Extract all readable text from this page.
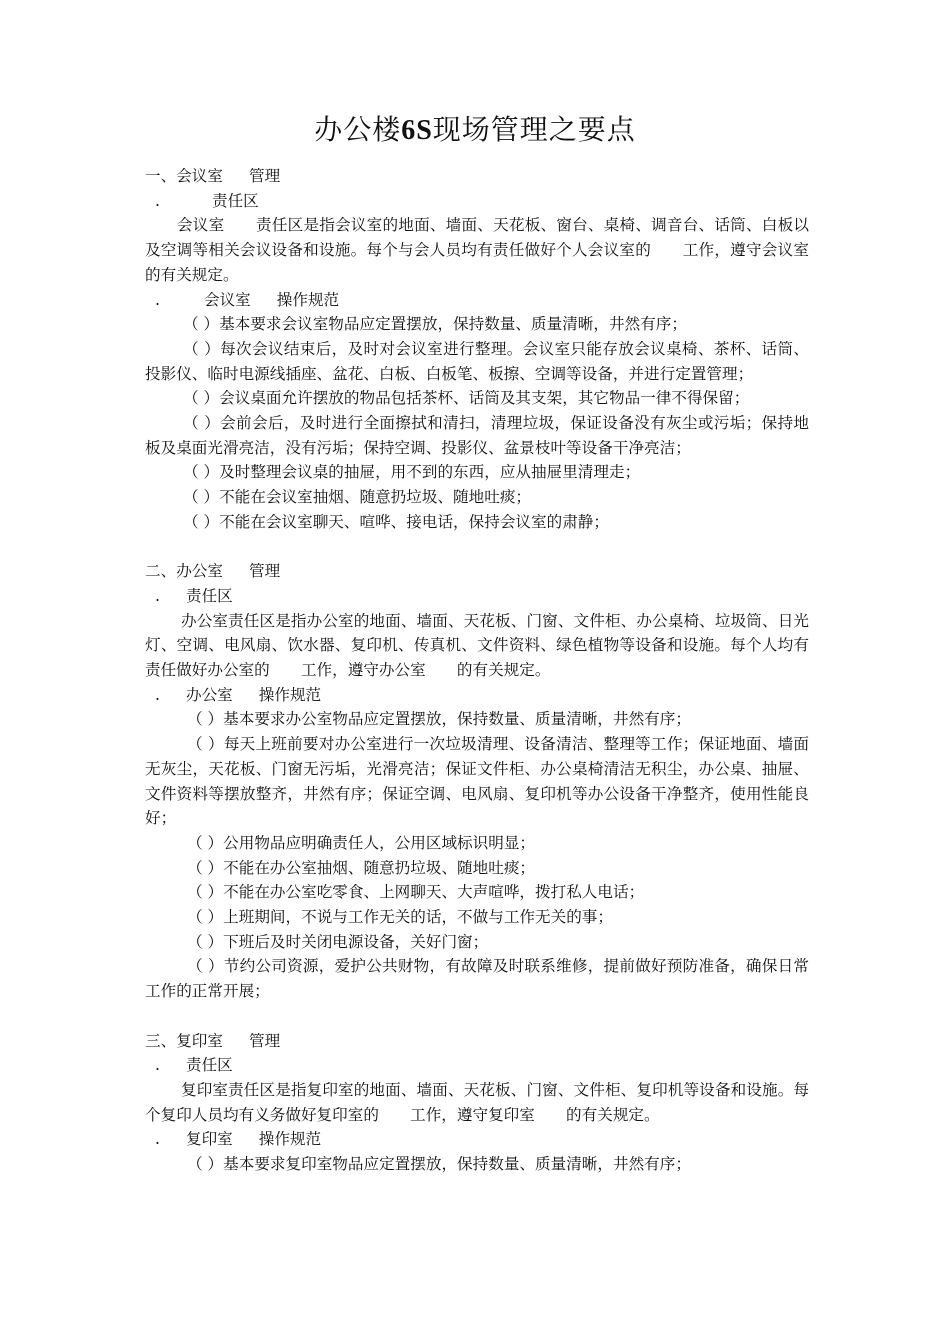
办公楼6S现场管理之要点
一、会议室 管理
.	责任区
会议室　　责任区是指会议室的地面、墙面、天花板、窗台、桌椅、调音台、话筒、白板以及空调等相关会议设备和设施。每个与会人员均有责任做好个人会议室的　　工作，遵守会议室　　的有关规定。
.	会议室 操作规范
（ ）基本要求会议室物品应定置摆放，保持数量、质量清晰，井然有序；
（ ）每次会议结束后，及时对会议室进行整理。会议室只能存放会议桌椅、茶杯、话筒、投影仪、临时电源线插座、盆花、白板、白板笔、板擦、空调等设备，并进行定置管理；
（ ）会议桌面允许摆放的物品包括茶杯、话筒及其支架，其它物品一律不得保留；
（ ）会前会后，及时进行全面擦拭和清扫，清理垃圾，保证设备没有灰尘或污垢；保持地板及桌面光滑亮洁，没有污垢；保持空调、投影仪、盆景枝叶等设备干净亮洁；
（ ）及时整理会议桌的抽屉，用不到的东西，应从抽屉里清理走；
（ ）不能在会议室抽烟、随意扔垃圾、随地吐痰；
（ ）不能在会议室聊天、喧哗、接电话，保持会议室的肃静；
二、办公室 管理
. 责任区
办公室责任区是指办公室的地面、墙面、天花板、门窗、文件柜、办公桌椅、垃圾筒、日光灯、空调、电风扇、饮水器、复印机、传真机、文件资料、绿色植物等设备和设施。每个人均有责任做好办公室的　　工作，遵守办公室　　的有关规定。
. 办公室 操作规范
（ ）基本要求办公室物品应定置摆放，保持数量、质量清晰，井然有序；
（ ）每天上班前要对办公室进行一次垃圾清理、设备清洁、整理等工作；保证地面、墙面无灰尘，天花板、门窗无污垢，光滑亮洁；保证文件柜、办公桌椅清洁无积尘，办公桌、抽屉、文件资料等摆放整齐，井然有序；保证空调、电风扇、复印机等办公设备干净整齐，使用性能良好；
（ ）公用物品应明确责任人，公用区域标识明显；
（ ）不能在办公室抽烟、随意扔垃圾、随地吐痰；
（ ）不能在办公室吃零食、上网聊天、大声喧哗，拨打私人电话；
（ ）上班期间，不说与工作无关的话，不做与工作无关的事；
（ ）下班后及时关闭电源设备，关好门窗；
（ ）节约公司资源，爱护公共财物，有故障及时联系维修，提前做好预防准备，确保日常工作的正常开展；
三、复印室 管理
. 责任区
复印室责任区是指复印室的地面、墙面、天花板、门窗、文件柜、复印机等设备和设施。每个复印人员均有义务做好复印室的　　工作，遵守复印室　　的有关规定。
. 复印室 操作规范
（ ）基本要求复印室物品应定置摆放，保持数量、质量清晰，井然有序；
